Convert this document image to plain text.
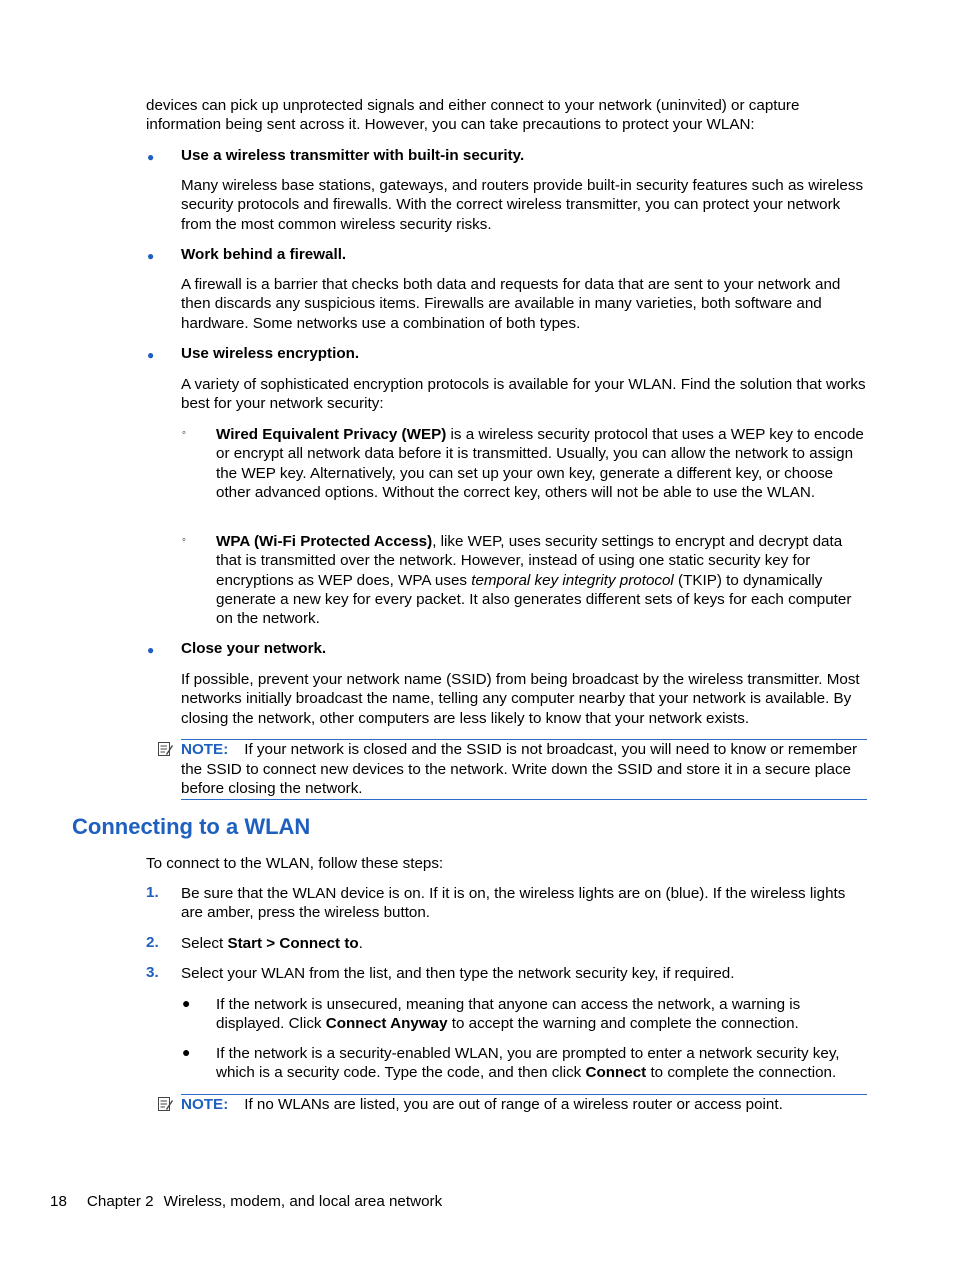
devices can pick up unprotected signals and either connect to your network (uninvited) or capture information being sent across it. However, you can take precautions to protect your WLAN:
● Use a wireless transmitter with built-in security.
Many wireless base stations, gateways, and routers provide built-in security features such as wireless security protocols and firewalls. With the correct wireless transmitter, you can protect your network from the most common wireless security risks.
● Work behind a firewall.
A firewall is a barrier that checks both data and requests for data that are sent to your network and then discards any suspicious items. Firewalls are available in many varieties, both software and hardware. Some networks use a combination of both types.
● Use wireless encryption.
A variety of sophisticated encryption protocols is available for your WLAN. Find the solution that works best for your network security:
◦ Wired Equivalent Privacy (WEP) is a wireless security protocol that uses a WEP key to encode or encrypt all network data before it is transmitted. Usually, you can allow the network to assign the WEP key. Alternatively, you can set up your own key, generate a different key, or choose other advanced options. Without the correct key, others will not be able to use the WLAN.
◦ WPA (Wi-Fi Protected Access), like WEP, uses security settings to encrypt and decrypt data that is transmitted over the network. However, instead of using one static security key for encryptions as WEP does, WPA uses temporal key integrity protocol (TKIP) to dynamically generate a new key for every packet. It also generates different sets of keys for each computer on the network.
● Close your network.
If possible, prevent your network name (SSID) from being broadcast by the wireless transmitter. Most networks initially broadcast the name, telling any computer nearby that your network is available. By closing the network, other computers are less likely to know that your network exists.
NOTE: If your network is closed and the SSID is not broadcast, you will need to know or remember the SSID to connect new devices to the network. Write down the SSID and store it in a secure place before closing the network.
Connecting to a WLAN
To connect to the WLAN, follow these steps:
1. Be sure that the WLAN device is on. If it is on, the wireless lights are on (blue). If the wireless lights are amber, press the wireless button.
2. Select Start > Connect to.
3. Select your WLAN from the list, and then type the network security key, if required.
● If the network is unsecured, meaning that anyone can access the network, a warning is displayed. Click Connect Anyway to accept the warning and complete the connection.
● If the network is a security-enabled WLAN, you are prompted to enter a network security key, which is a security code. Type the code, and then click Connect to complete the connection.
NOTE: If no WLANs are listed, you are out of range of a wireless router or access point.
18 Chapter 2 Wireless, modem, and local area network
